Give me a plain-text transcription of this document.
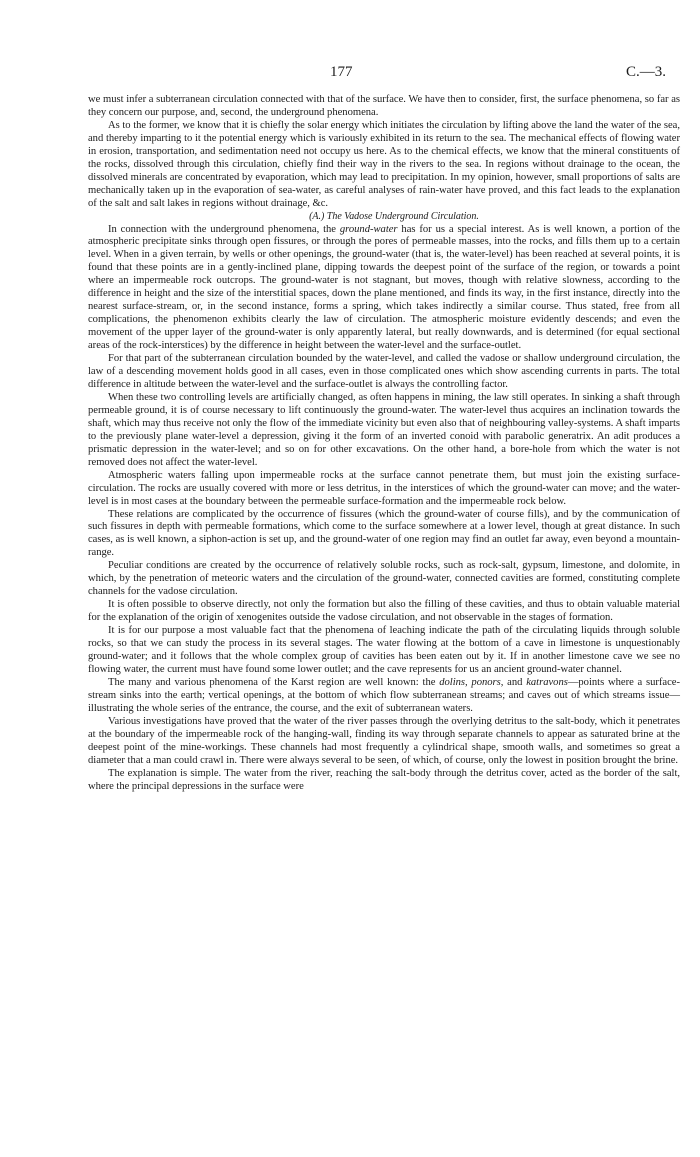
177	C.—3.

we must infer a subterranean circulation connected with that of the surface. We have then to consider, first, the surface phenomena, so far as they concern our purpose, and, second, the underground phenomena.

As to the former, we know that it is chiefly the solar energy which initiates the circulation by lifting above the land the water of the sea, and thereby imparting to it the potential energy which is variously exhibited in its return to the sea. The mechanical effects of flowing water in erosion, transportation, and sedimentation need not occupy us here. As to the chemical effects, we know that the mineral constituents of the rocks, dissolved through this circulation, chiefly find their way in the rivers to the sea. In regions without drainage to the ocean, the dissolved minerals are concentrated by evaporation, which may lead to precipitation. In my opinion, however, small proportions of salts are mechanically taken up in the evaporation of sea-water, as careful analyses of rain-water have proved, and this fact leads to the explanation of the salt and salt lakes in regions without drainage, &c.

(A.) The Vadose Underground Circulation.

In connection with the underground phenomena, the ground-water has for us a special interest. As is well known, a portion of the atmospheric precipitate sinks through open fissures, or through the pores of permeable masses, into the rocks, and fills them up to a certain level. When in a given terrain, by wells or other openings, the ground-water (that is, the water-level) has been reached at several points, it is found that these points are in a gently-inclined plane, dipping towards the deepest point of the surface of the region, or towards a point where an impermeable rock outcrops. The ground-water is not stagnant, but moves, though with relative slowness, according to the difference in height and the size of the interstitial spaces, down the plane mentioned, and finds its way, in the first instance, directly into the nearest surface-stream, or, in the second instance, forms a spring, which takes indirectly a similar course. Thus stated, free from all complications, the phenomenon exhibits clearly the law of circulation. The atmospheric moisture evidently descends; and even the movement of the upper layer of the ground-water is only apparently lateral, but really downwards, and is determined (for equal sectional areas of the rock-interstices) by the difference in height between the water-level and the surface-outlet.

For that part of the subterranean circulation bounded by the water-level, and called the vadose or shallow underground circulation, the law of a descending movement holds good in all cases, even in those complicated ones which show ascending currents in parts. The total difference in altitude between the water-level and the surface-outlet is always the controlling factor.

When these two controlling levels are artificially changed, as often happens in mining, the law still operates. In sinking a shaft through permeable ground, it is of course necessary to lift continuously the ground-water. The water-level thus acquires an inclination towards the shaft, which may thus receive not only the flow of the immediate vicinity but even also that of neighbouring valley-systems. A shaft imparts to the previously plane water-level a depression, giving it the form of an inverted conoid with parabolic generatrix. An adit produces a prismatic depression in the water-level; and so on for other excavations. On the other hand, a bore-hole from which the water is not removed does not affect the water-level.

Atmospheric waters falling upon impermeable rocks at the surface cannot penetrate them, but must join the existing surface-circulation. The rocks are usually covered with more or less detritus, in the interstices of which the ground-water can move; and the water-level is in most cases at the boundary between the permeable surface-formation and the impermeable rock below.

These relations are complicated by the occurrence of fissures (which the ground-water of course fills), and by the communication of such fissures in depth with permeable formations, which come to the surface somewhere at a lower level, though at great distance. In such cases, as is well known, a siphon-action is set up, and the ground-water of one region may find an outlet far away, even beyond a mountain-range.

Peculiar conditions are created by the occurrence of relatively soluble rocks, such as rock-salt, gypsum, limestone, and dolomite, in which, by the penetration of meteoric waters and the circulation of the ground-water, connected cavities are formed, constituting complete channels for the vadose circulation.

It is often possible to observe directly, not only the formation but also the filling of these cavities, and thus to obtain valuable material for the explanation of the origin of xenogenites outside the vadose circulation, and not observable in the stages of formation.

It is for our purpose a most valuable fact that the phenomena of leaching indicate the path of the circulating liquids through soluble rocks, so that we can study the process in its several stages. The water flowing at the bottom of a cave in limestone is unquestionably ground-water; and it follows that the whole complex group of cavities has been eaten out by it. If in another limestone cave we see no flowing water, the current must have found some lower outlet; and the cave represents for us an ancient ground-water channel.

The many and various phenomena of the Karst region are well known: the dolins, ponors, and katravons—points where a surface-stream sinks into the earth; vertical openings, at the bottom of which flow subterranean streams; and caves out of which streams issue—illustrating the whole series of the entrance, the course, and the exit of subterranean waters.

Various investigations have proved that the water of the river passes through the overlying detritus to the salt-body, which it penetrates at the boundary of the impermeable rock of the hanging-wall, finding its way through separate channels to appear as saturated brine at the deepest point of the mine-workings. These channels had most frequently a cylindrical shape, smooth walls, and sometimes so great a diameter that a man could crawl in. There were always several to be seen, of which, of course, only the lowest in position brought the brine.

The explanation is simple. The water from the river, reaching the salt-body through the detritus cover, acted as the border of the salt, where the principal depressions in the surface were
